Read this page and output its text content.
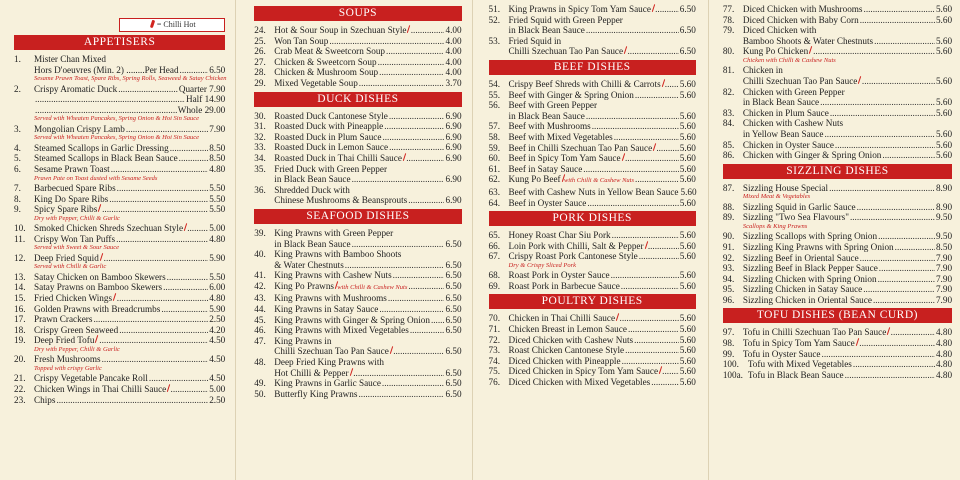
= Chilli Hot
APPETISERS
1.	Mister Chan Mixed
Hors D'oeuvres (Min. 2) ........Per Head .....	6.50
Sesame Prawn Toast, Spare Ribs, Spring Rolls, Seaweed & Satay Chicken
2.	Crispy Aromatic Duck .....	Quarter 7.90
.....
Half 14.90
.....
Whole 29.00
Served with Wheaten Pancakes, Spring Onion & Hoi Sin Sauce
3.	Mongolian Crispy Lamb .....	7.90
Served with Wheaten Pancakes, Spring Onion & Hoi Sin Sauce
4.	Steamed Scallops in Garlic Dressing .....	8.50
5.	Steamed Scallops in Black Bean Sauce .....	8.50
6.	Sesame Prawn Toast .....	4.80
Prawn Pate on Toast dusted with Sesame Seeds
7.	Barbecued Spare Ribs .....	5.50
8.	King Do Spare Ribs .....	5.50
9.	Spicy Spare Ribs .....	5.50
Dry with Pepper, Chilli & Garlic
10. Smoked Chicken Shreds Szechuan Style .....	5.00
11. Crispy Won Tan Puffs .....	4.80
Served with Sweet & Sour Sauce
12. Deep Fried Squid .....	5.90
Served with Chilli & Garlic
13. Satay Chicken on Bamboo Skewers .....	5.50
14. Satay Prawns on Bamboo Skewers .....	6.00
15. Fried Chicken Wings .....	4.80
16. Golden Prawns with Breadcrumbs .....	5.90
17. Prawn Crackers .....	2.50
18. Crispy Green Seaweed .....	4.20
19. Deep Fried Tofu .....	4.50
Dry with Pepper, Chilli & Garlic
20. Fresh Mushrooms .....	4.50
Topped with crispy Garlic
21. Crispy Vegetable Pancake Roll .....	4.50
22. Chicken Wings in Thai Chilli Sauce .....	5.00
23. Chips .....	2.50
SOUPS
24. Hot & Sour Soup in Szechuan Style .....	4.00
25. Won Tan Soup .....	4.00
26. Crab Meat & Sweetcorn Soup .....	4.00
27. Chicken & Sweetcorn Soup .....	4.00
28. Chicken & Mushroom Soup .....	4.00
29. Mixed Vegetable Soup .....	3.70
DUCK DISHES
30. Roasted Duck Cantonese Style .....	6.90
31. Roasted Duck with Pineapple .....	6.90
32. Roasted Duck in Plum Sauce .....	6.90
33. Roasted Duck in Lemon Sauce .....	6.90
34. Roasted Duck in Thai Chilli Sauce .....	6.90
35. Fried Duck with Green Pepper
in Black Bean Sauce .....	6.90
36. Shredded Duck with
Chinese Mushrooms & Beansprouts .....	6.90
SEAFOOD DISHES
39. King Prawns with Green Pepper
in Black Bean Sauce .....	6.50
40. King Prawns with Bamboo Shoots
& Water Chestnuts .....	6.50
41. King Prawns with Cashew Nuts .....	6.50
42. King Po Prawns with Chilli & Cashew Nuts .....	6.50
43. King Prawns with Mushrooms .....	6.50
44. King Prawns in Satay Sauce .....	6.50
45. King Prawns with Ginger & Spring Onion ..... 6.50
46. King Prawns with Mixed Vegetables .....	6.50
47. King Prawns in
Chilli Szechuan Tao Pan Sauce .....	6.50
48. Deep Fried King Prawns with
Hot Chilli & Pepper .....	6.50
49. King Prawns in Garlic Sauce .....	6.50
50. Butterfly King Prawns .....	6.50
51. King Prawns in Spicy Tom Yam Sauce .....	6.50
52. Fried Squid with Green Pepper
in Black Bean Sauce .....	6.50
53. Fried Squid in
Chilli Szechuan Tao Pan Sauce .....	6.50
BEEF DISHES
54. Crispy Beef Shreds with Chilli & Carrots ..... 5.60
55. Beef with Ginger & Spring Onion .....	5.60
56. Beef with Green Pepper
in Black Bean Sauce .....	5.60
57. Beef with Mushrooms .....	5.60
58. Beef with Mixed Vegetables .....	5.60
59. Beef in Chilli Szechuan Tao Pan Sauce .....	5.60
60. Beef in Spicy Tom Yam Sauce .....	5.60
61. Beef in Satay Sauce .....	5.60
62. Kung Po Beef with Chilli & Cashew Nuts .....	5.60
63. Beef with Cashew Nuts in Yellow Bean Sauce 5.60
64. Beef in Oyster Sauce .....	5.60
PORK DISHES
65. Honey Roast Char Siu Pork .....	5.60
66. Loin Pork with Chilli, Salt & Pepper .....	5.60
67. Crispy Roast Pork Cantonese Style .....	5.60
Dry & Crispy Sliced Pork
68. Roast Pork in Oyster Sauce .....	5.60
69. Roast Pork in Barbecue Sauce .....	5.60
POULTRY DISHES
70. Chicken in Thai Chilli Sauce .....	5.60
71. Chicken Breast in Lemon Sauce .....	5.60
72. Diced Chicken with Cashew Nuts .....	5.60
73. Roast Chicken Cantonese Style .....	5.60
74. Diced Chicken with Pineapple .....	5.60
75. Diced Chicken in Spicy Tom Yam Sauce ..... 5.60
76. Diced Chicken with Mixed Vegetables .....	5.60
77. Diced Chicken with Mushrooms .....	5.60
78. Diced Chicken with Baby Corn .....	5.60
79. Diced Chicken with
Bamboo Shoots & Water Chestnuts .....	5.60
80. Kung Po Chicken .....	5.60
Chicken with Chilli & Cashew Nuts
81. Chicken in
Chilli Szechuan Tao Pan Sauce .....	5.60
82. Chicken with Green Pepper
in Black Bean Sauce .....	5.60
83. Chicken in Plum Sauce .....	5.60
84. Chicken with Cashew Nuts
in Yellow Bean Sauce .....	5.60
85. Chicken in Oyster Sauce .....	5.60
86. Chicken with Ginger & Spring Onion .....	5.60
SIZZLING DISHES
87. Sizzling House Special .....	8.90
Mixed Meat & Vegetables
88. Sizzling Squid in Garlic Sauce .....	8.90
89. Sizzling "Two Sea Flavours" .....	9.50
Scallops & King Prawns
90. Sizzling Scallops with Spring Onion .....	9.50
91. Sizzling King Prawns with Spring Onion .....	8.50
92. Sizzling Beef in Oriental Sauce .....	7.90
93. Sizzling Beef in Black Pepper Sauce .....	7.90
94. Sizzling Chicken with Spring Onion .....	7.90
95. Sizzling Chicken in Satay Sauce .....	7.90
96. Sizzling Chicken in Oriental Sauce .....	7.90
TOFU DISHES (BEAN CURD)
97. Tofu in Chilli Szechuan Tao Pan Sauce .....	4.80
98. Tofu in Spicy Tom Yam Sauce .....	4.80
99. Tofu in Oyster Sauce .....	4.80
100. Tofu with Mixed Vegetables .....	4.80
100a. Tofu in Black Bean Sauce .....	4.80
